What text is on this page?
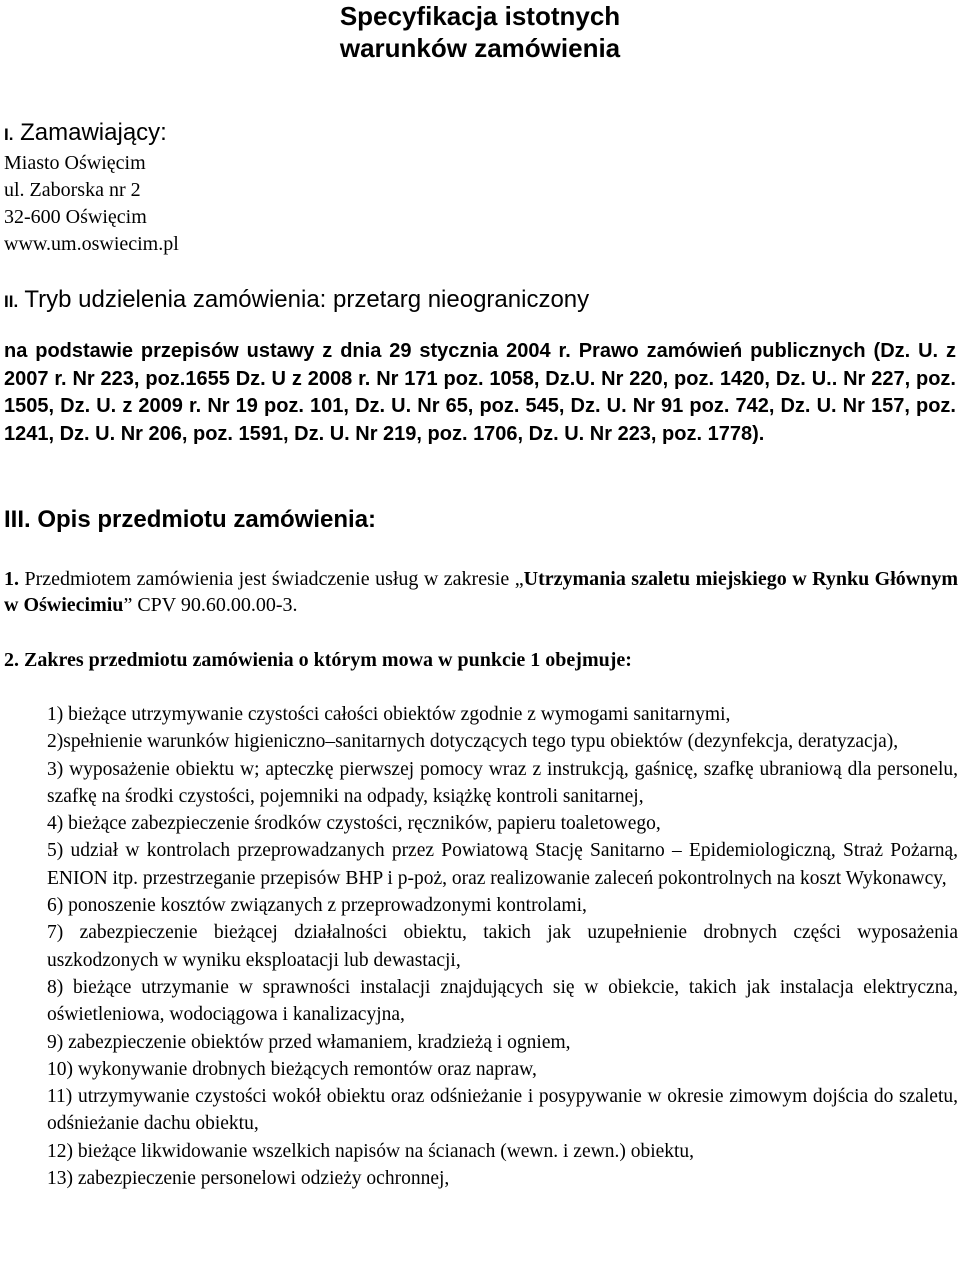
Specyfikacja istotnych
warunków zamówienia
I. Zamawiający:
Miasto Oświęcim
ul. Zaborska nr 2
32-600 Oświęcim
www.um.oswiecim.pl
II. Tryb udzielenia zamówienia: przetarg nieograniczony

na podstawie przepisów ustawy z dnia 29 stycznia 2004 r. Prawo zamówień publicznych (Dz. U. z 2007 r. Nr 223, poz.1655 Dz. U z 2008 r. Nr 171 poz. 1058, Dz.U. Nr 220, poz. 1420, Dz. U.. Nr 227, poz. 1505, Dz. U. z 2009 r. Nr 19 poz. 101, Dz. U. Nr 65, poz. 545, Dz. U. Nr 91 poz. 742, Dz. U. Nr 157, poz. 1241, Dz. U. Nr 206, poz. 1591, Dz. U. Nr 219, poz. 1706, Dz. U. Nr 223, poz. 1778).

III. Opis przedmiotu zamówienia:

1. Przedmiotem zamówienia jest świadczenie usług w zakresie „Utrzymania szaletu miejskiego w Rynku Głównym w Oświecimiu” CPV 90.60.00.00-3.

2. Zakres przedmiotu zamówienia o którym mowa w punkcie 1 obejmuje:

1) bieżące utrzymywanie czystości całości obiektów zgodnie z wymogami sanitarnymi,
2)spełnienie warunków higieniczno–sanitarnych dotyczących tego typu obiektów (dezynfekcja, deratyzacja),
3) wyposażenie obiektu w; apteczkę pierwszej pomocy wraz z instrukcją, gaśnicę, szafkę ubraniową dla personelu, szafkę na środki czystości, pojemniki na odpady, książkę kontroli sanitarnej,
4) bieżące zabezpieczenie środków czystości, ręczników, papieru toaletowego,
5) udział w kontrolach przeprowadzanych przez Powiatową Stację Sanitarno – Epidemiologiczną, Straż Pożarną, ENION itp. przestrzeganie przepisów BHP i p-poż, oraz realizowanie zaleceń pokontrolnych na koszt Wykonawcy,
6) ponoszenie kosztów związanych z przeprowadzonymi kontrolami,
7) zabezpieczenie bieżącej działalności obiektu, takich jak uzupełnienie drobnych części wyposażenia uszkodzonych w wyniku eksploatacji lub dewastacji,
8) bieżące utrzymanie w sprawności instalacji znajdujących się w obiekcie, takich jak instalacja elektryczna, oświetleniowa, wodociągowa i kanalizacyjna,
9) zabezpieczenie obiektów przed włamaniem, kradzieżą i ogniem,
10) wykonywanie drobnych bieżących remontów oraz napraw,
11) utrzymywanie czystości wokół obiektu oraz odśnieżanie i posypywanie w okresie zimowym dojścia do szaletu, odśnieżanie dachu obiektu,
12) bieżące likwidowanie wszelkich napisów na ścianach (wewn. i zewn.) obiektu,
13) zabezpieczenie personelowi odzieży ochronnej,
